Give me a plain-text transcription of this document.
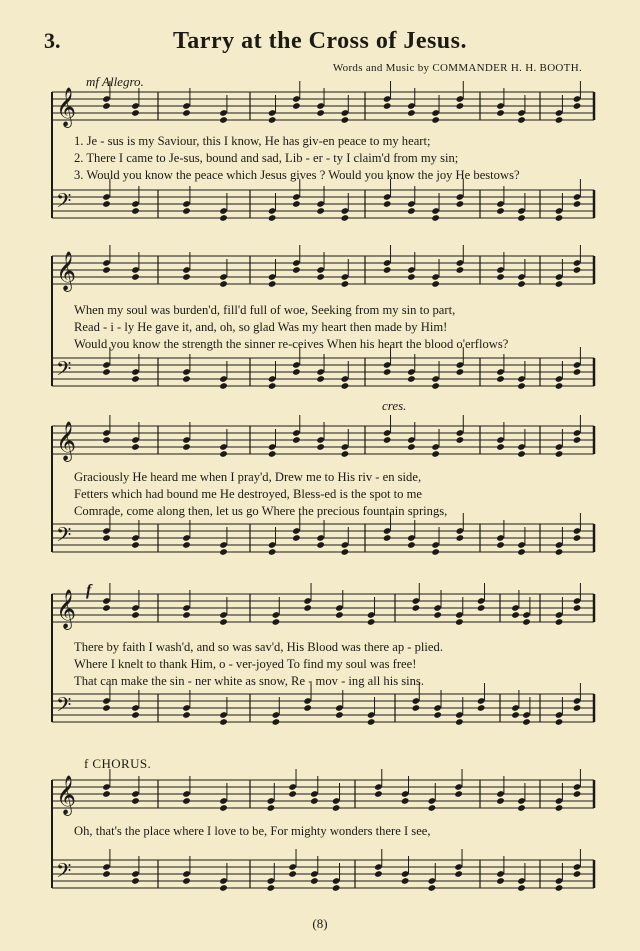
3.	Tarry at the Cross of Jesus.
Words and Music by COMMANDER H. H. BOOTH.
mf Allegro.
cres.
f
f CHORUS.
𝄞
𝄢
𝄞
𝄢
𝄞
𝄢
𝄞
𝄢
𝄞
𝄢
1. Je - sus is my Saviour, this I know, He has giv-en peace to my heart;
2. There I came to Je-sus, bound and sad, Lib - er - ty I claim'd from my sin;
3. Would you know the peace which Jesus gives ? Would you know the joy He bestows?
When my soul was burden'd, fill'd full of woe, Seeking from my sin to part,
Read - i - ly He gave it, and, oh, so glad Was my heart then made by Him!
Would you know the strength the sinner re-ceives When his heart the blood o'erflows?
Graciously He heard me when I pray'd, Drew me to His riv - en side,
Fetters which had bound me He destroyed, Bless-ed is the spot to me
Comrade, come along then, let us go Where the precious fountain springs,
There by faith I wash'd, and so was sav'd, His Blood was there ap - plied.
Where I knelt to thank Him, o - ver-joyed To find my soul was free!
That can make the sin - ner white as snow, Re - mov - ing all his sins.
Oh, that's the place where I love to be, For mighty wonders there I see,
(8)
